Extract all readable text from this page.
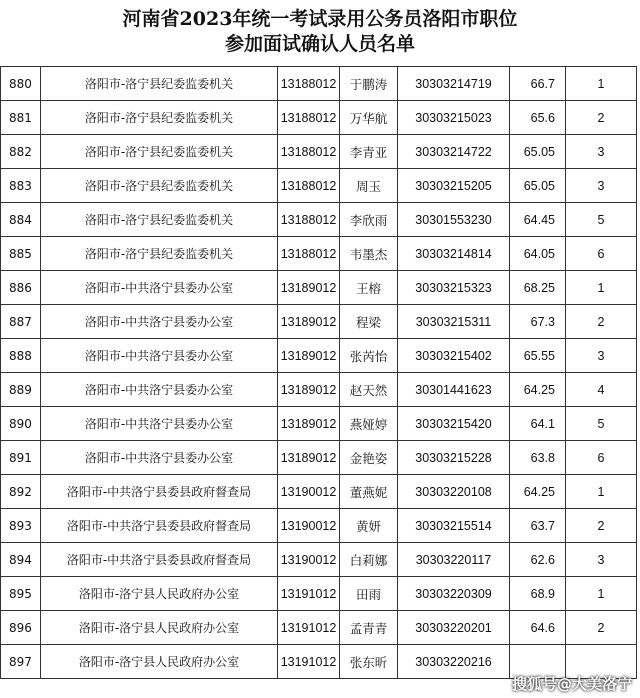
河南省2023年统一考试录用公务员洛阳市职位
参加面试确认人员名单
880	洛阳市-洛宁县纪委监委机关	13188012	于鹏涛	30303214719	66.7	1
881	洛阳市-洛宁县纪委监委机关	13188012	万华航	30303215023	65.6	2
882	洛阳市-洛宁县纪委监委机关	13188012	李青亚	30303214722	65.05	3
883	洛阳市-洛宁县纪委监委机关	13188012	周玉	30303215205	65.05	3
884	洛阳市-洛宁县纪委监委机关	13188012	李欣雨	30301553230	64.45	5
885	洛阳市-洛宁县纪委监委机关	13188012	韦墨杰	30303214814	64.05	6
886	洛阳市-中共洛宁县委办公室	13189012	王榕	30303215323	68.25	1
887	洛阳市-中共洛宁县委办公室	13189012	程梁	30303215311	67.3	2
888	洛阳市-中共洛宁县委办公室	13189012	张芮怡	30303215402	65.55	3
889	洛阳市-中共洛宁县委办公室	13189012	赵天然	30301441623	64.25	4
890	洛阳市-中共洛宁县委办公室	13189012	燕娅婷	30303215420	64.1	5
891	洛阳市-中共洛宁县委办公室	13189012	金艳姿	30303215228	63.8	6
892	洛阳市-中共洛宁县委县政府督查局	13190012	董燕妮	30303220108	64.25	1
893	洛阳市-中共洛宁县委县政府督查局	13190012	黄妍	30303215514	63.7	2
894	洛阳市-中共洛宁县委县政府督查局	13190012	白莉娜	30303220117	62.6	3
895	洛阳市-洛宁县人民政府办公室	13191012	田雨	30303220309	68.9	1
896	洛阳市-洛宁县人民政府办公室	13191012	孟青青	30303220201	64.6	2
897	洛阳市-洛宁县人民政府办公室	13191012	张东昕	30303220216		
搜狐号@大美洛宁
